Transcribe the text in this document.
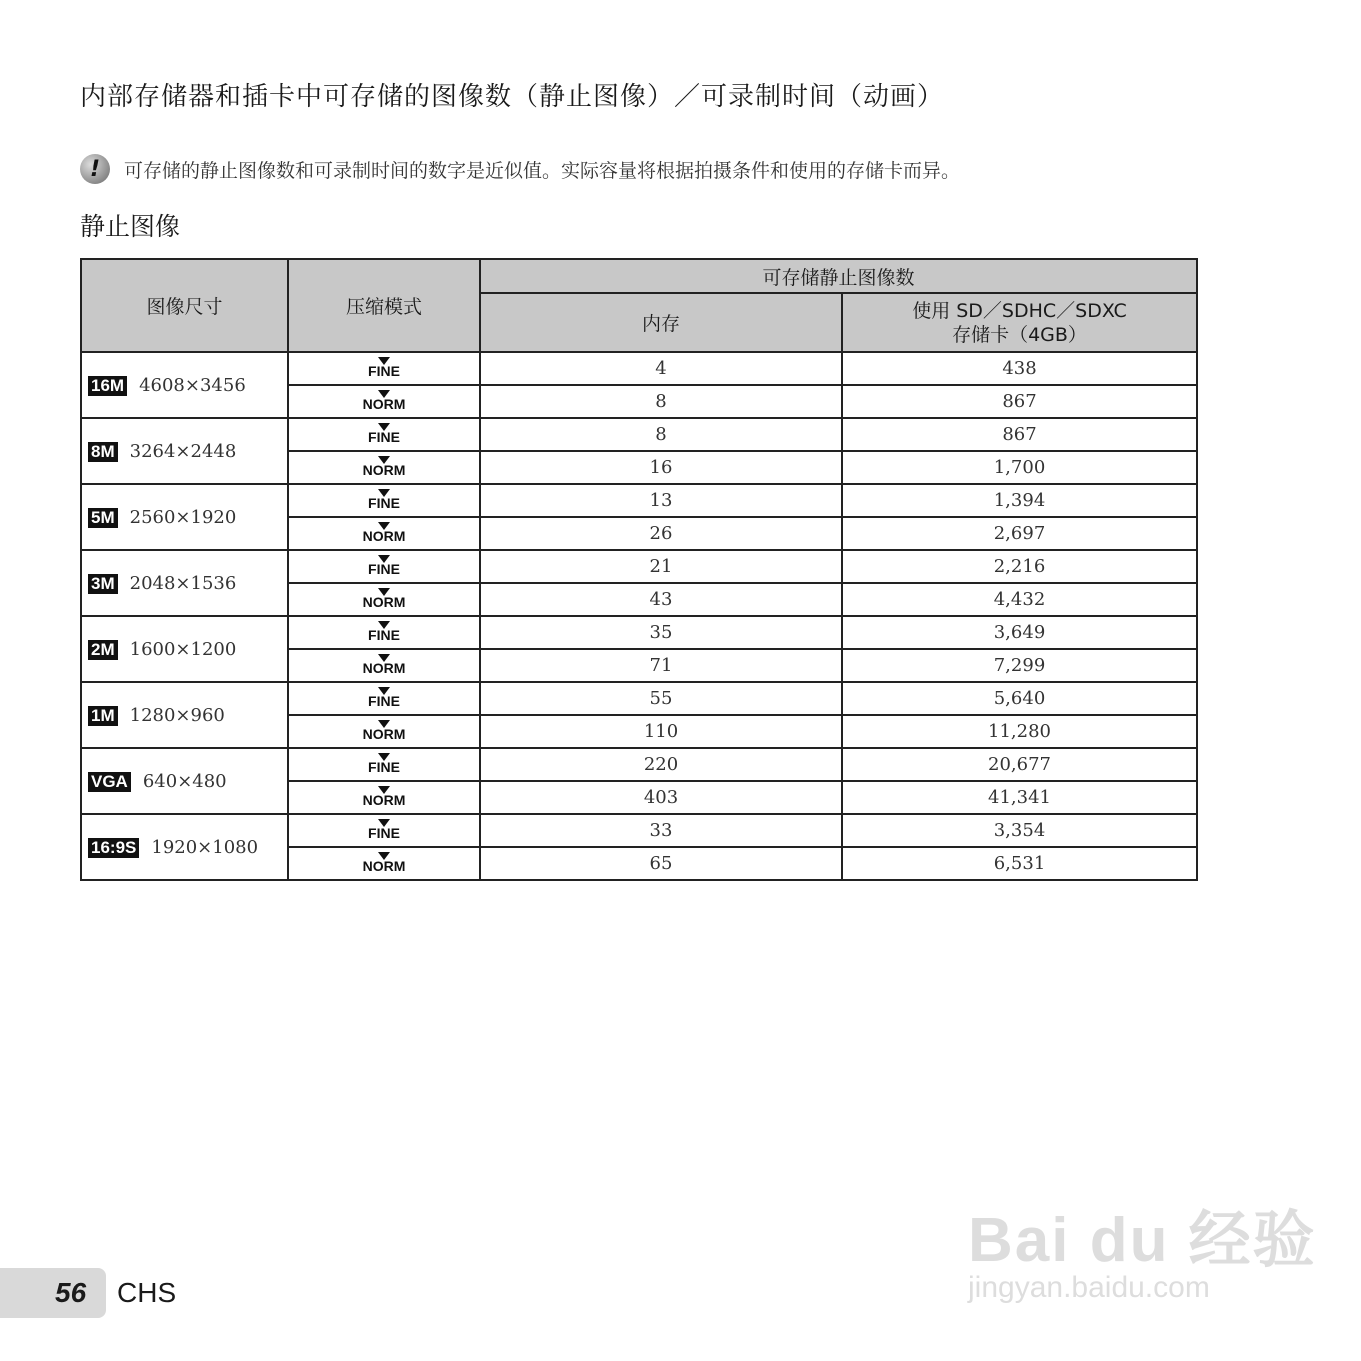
内部存储器和插卡中可存储的图像数（静止图像）／可录制时间（动画）
!	可存储的静止图像数和可录制时间的数字是近似值。实际容量将根据拍摄条件和使用的存储卡而异。
静止图像
图像尺寸	压缩模式	可存储静止图像数	
		内存	使用 SD／SDHC／SDXC 存储卡（4GB）
16M 4608×3456	FINE	4	438
	NORM	8	867
8M 3264×2448	FINE	8	867
	NORM	16	1,700
5M 2560×1920	FINE	13	1,394
	NORM	26	2,697
3M 2048×1536	FINE	21	2,216
	NORM	43	4,432
2M 1600×1200	FINE	35	3,649
	NORM	71	7,299
1M 1280×960	FINE	55	5,640
	NORM	110	11,280
VGA 640×480	FINE	220	20,677
	NORM	403	41,341
16:9S 1920×1080	FINE	33	3,354
	NORM	65	6,531
56 CHS
Bai du 经验
jingyan.baidu.com
